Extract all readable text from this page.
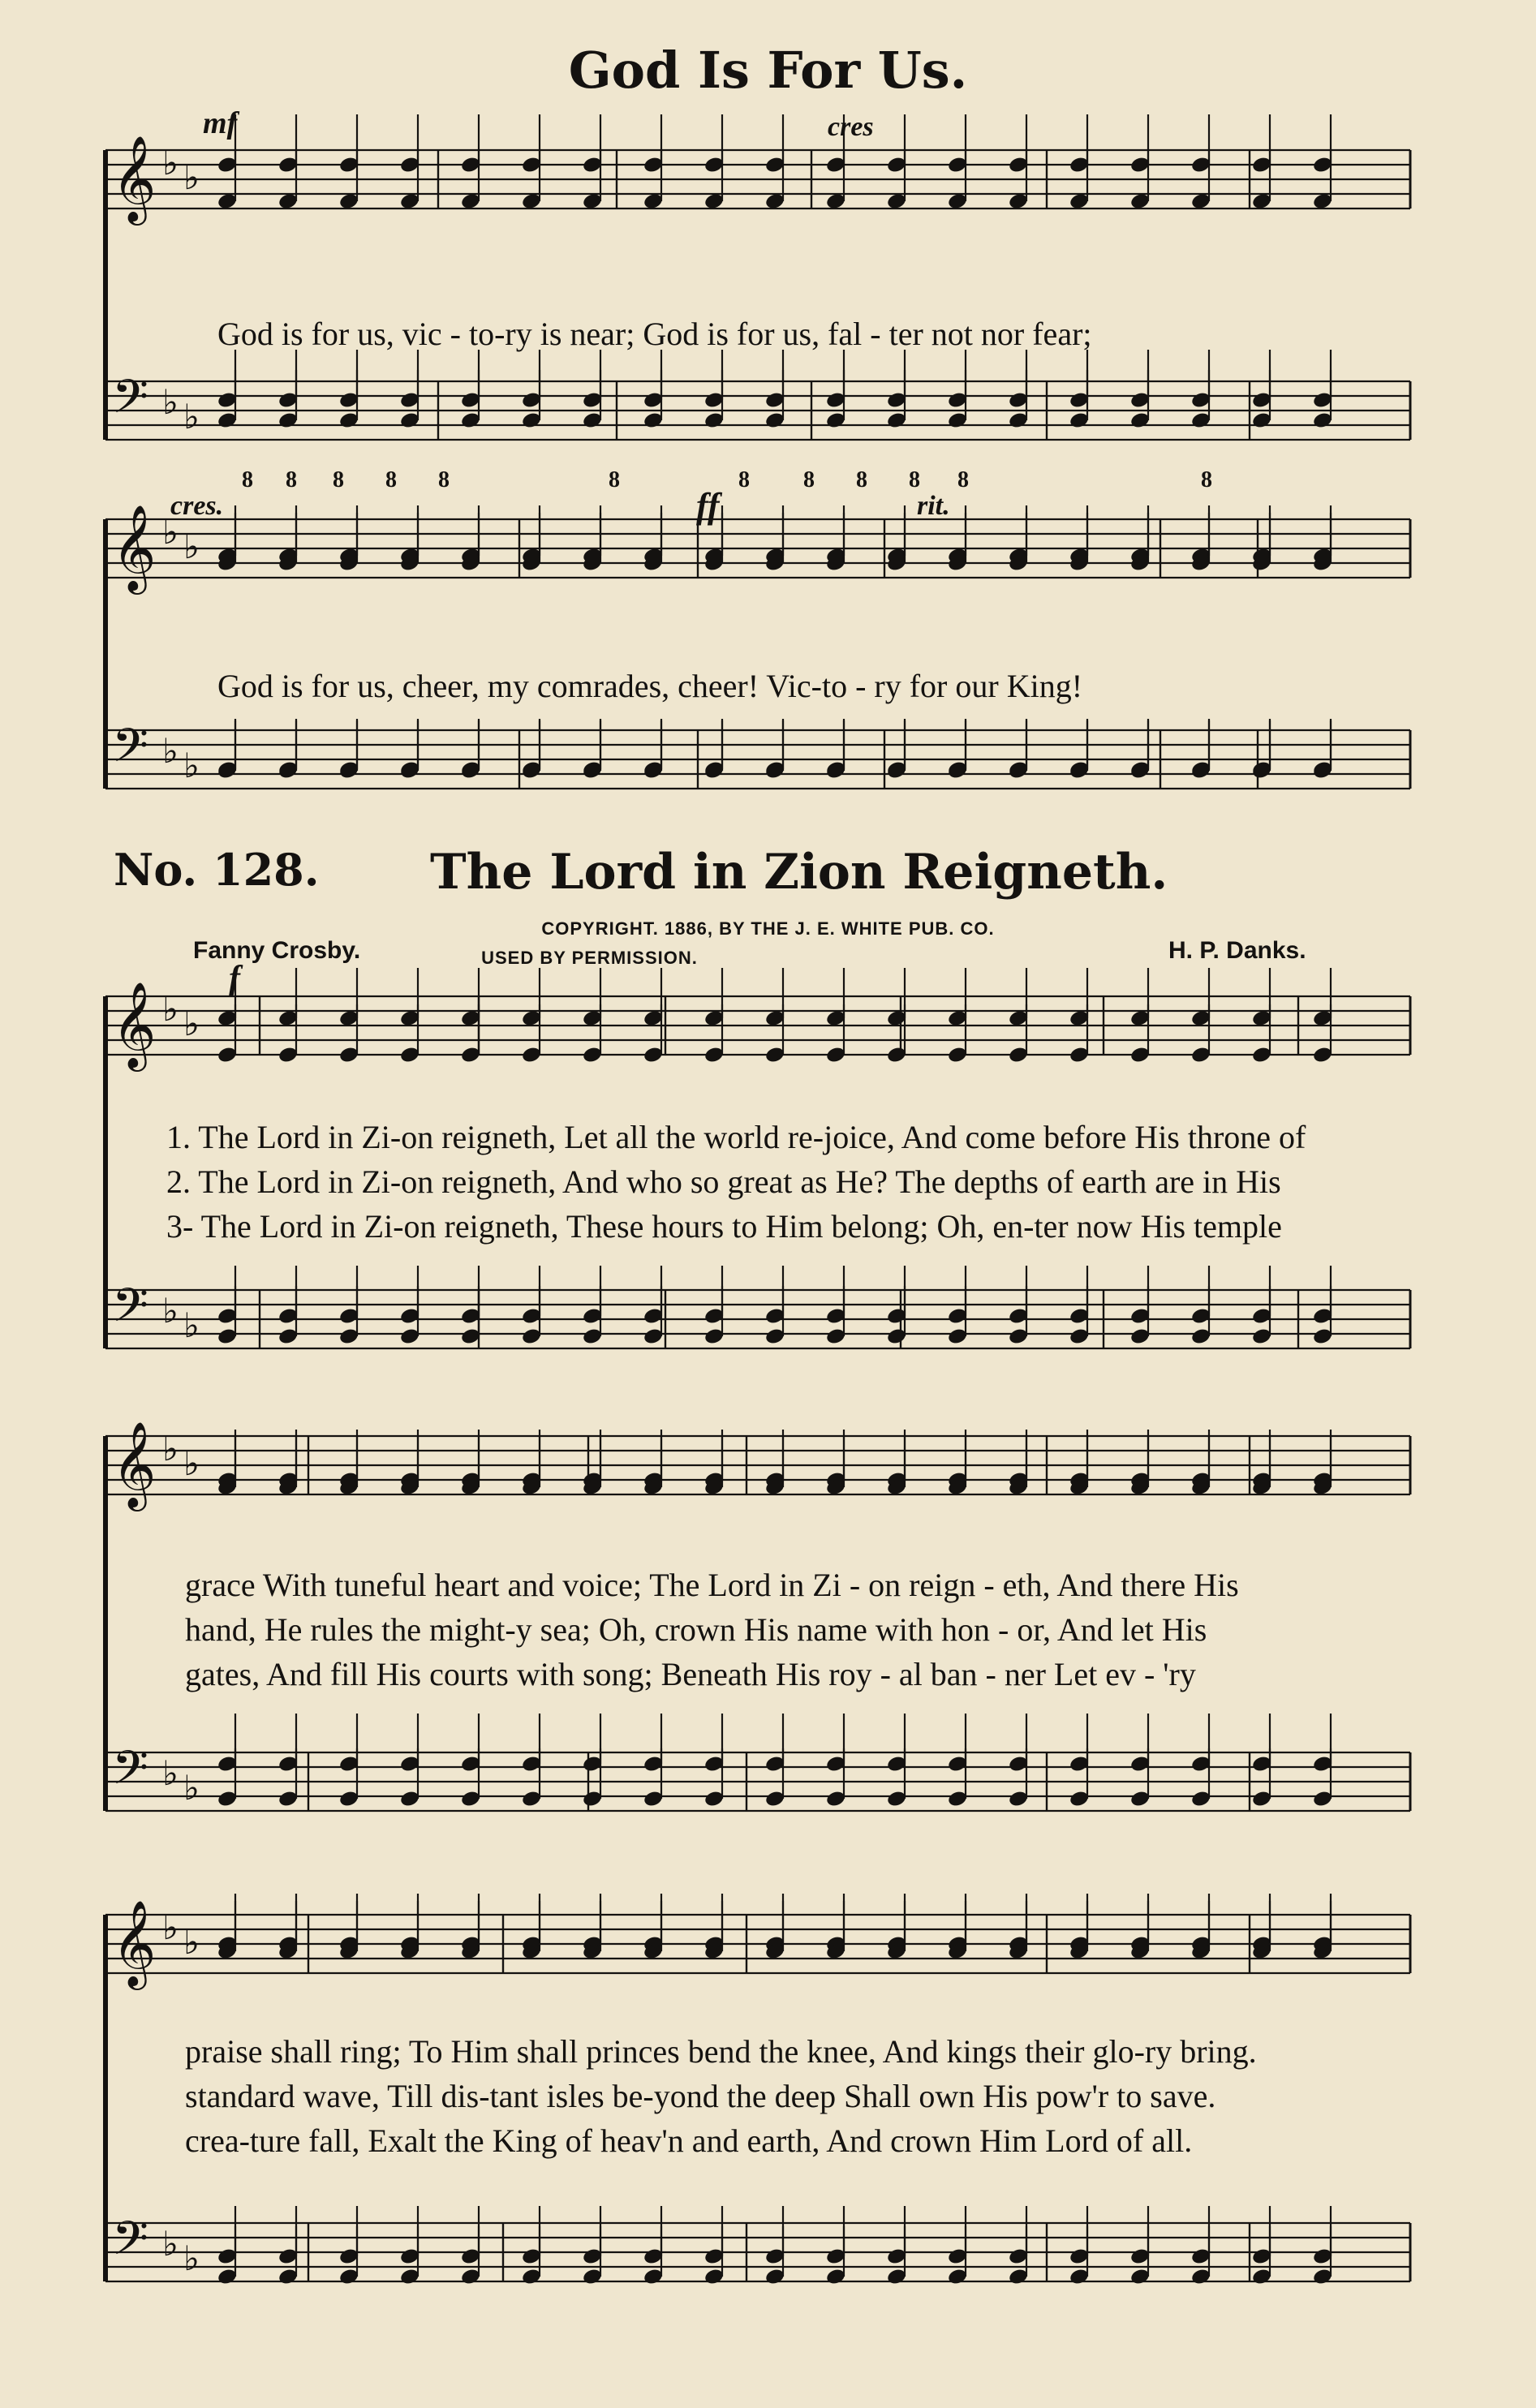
𝄞
𝄢
♭ ♭
♭ ♭
𝄞
𝄢
♭ ♭
♭ ♭
𝄞
𝄢
♭ ♭
♭ ♭
𝄞
𝄢
♭ ♭
♭ ♭
𝄞
𝄢
♭ ♭
♭ ♭
8 8 8 8 8	8	8 8 8 8 8	8
God Is For Us.
mf	cres
cres.	ff	rit.
God is for us, vic - to-ry is near; God is for us, fal - ter not nor fear;
God is for us, cheer, my comrades, cheer! Vic-to - ry for our King!
No. 128. The Lord in Zion Reigneth.
COPYRIGHT. 1886, BY THE J. E. WHITE PUB. CO.
USED BY PERMISSION.
Fanny Crosby.	H. P. Danks.
f
1. The Lord in Zi-on reigneth, Let all the world re-joice, And come before His throne of
2. The Lord in Zi-on reigneth, And who so great as He? The depths of earth are in His
3- The Lord in Zi-on reigneth, These hours to Him belong; Oh, en-ter now His temple
grace With tuneful heart and voice; The Lord in Zi - on reign - eth, And there His
hand, He rules the might-y sea; Oh, crown His name with hon - or, And let His
gates, And fill His courts with song; Beneath His roy - al ban - ner Let ev - 'ry
praise shall ring; To Him shall princes bend the knee, And kings their glo-ry bring.
standard wave, Till dis-tant isles be-yond the deep Shall own His pow'r to save.
crea-ture fall, Exalt the King of heav'n and earth, And crown Him Lord of all.
